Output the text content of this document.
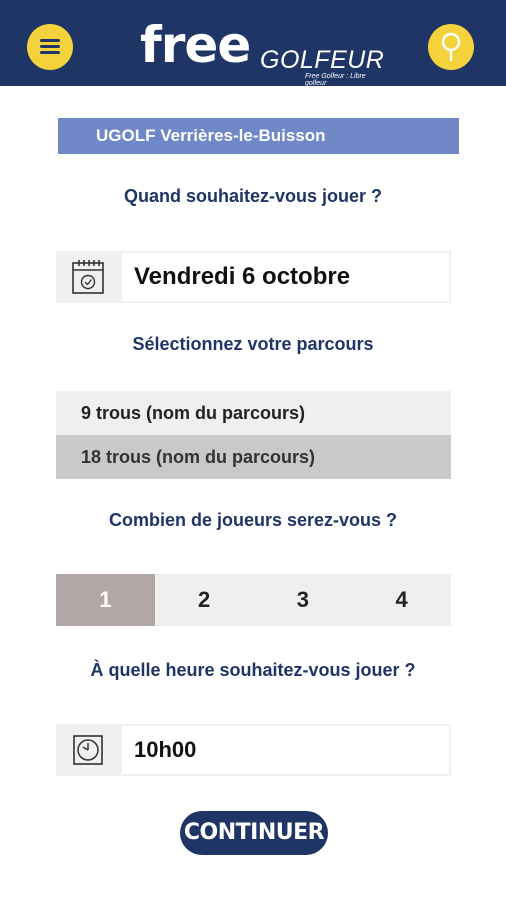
free GOLFEUR
Free Golfeur : Libre golfeur
UGOLF Verrières-le-Buisson
Quand souhaitez-vous jouer ?
Vendredi 6 octobre
Sélectionnez votre parcours
9 trous (nom du parcours)
18 trous (nom du parcours)
Combien de joueurs serez-vous ?
1	2	3	4
À quelle heure souhaitez-vous jouer ?
10h00
CONTINUER
